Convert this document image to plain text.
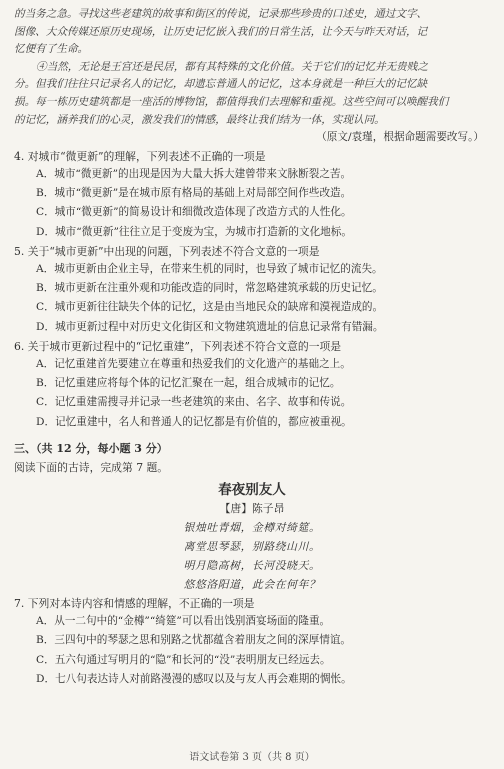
的当务之急。寻找这些老建筑的故事和街区的传说，记录那些珍贵的口述史，通过文字、
图像、大众传媒还原历史现场，让历史记忆嵌入我们的日常生活，让今天与昨天对话，记
忆便有了生命。
④当然，无论是王宫还是民居，都有其特殊的文化价值。关于它们的记忆并无贵贱之
分。但我们往往只记录名人的记忆，却遗忘普通人的记忆，这本身就是一种巨大的记忆缺
损。每一栋历史建筑都是一座活的博物馆，都值得我们去理解和重视。这些空间可以唤醒我们
的记忆，涵养我们的心灵，激发我们的情感，最终让我们结为一体，实现认同。
（原文/袁瑾，根据命题需要改写。）
4. 对城市“微更新”的理解，下列表述不正确的一项是
A．城市“微更新”的出现是因为大量大拆大建曾带来文脉断裂之苦。
B．城市“微更新”是在城市原有格局的基础上对局部空间作些改造。
C．城市“微更新”的简易设计和细微改造体现了改造方式的人性化。
D．城市“微更新”往往立足于变废为宝，为城市打造新的文化地标。
5. 关于“城市更新”中出现的问题，下列表述不符合文意的一项是
A．城市更新由企业主导，在带来生机的同时，也导致了城市记忆的流失。
B．城市更新在注重外观和功能改造的同时，常忽略建筑承载的历史记忆。
C．城市更新往往缺失个体的记忆，这是由当地民众的缺席和漠视造成的。
D．城市更新过程中对历史文化街区和文物建筑遗址的信息记录常有错漏。
6. 关于城市更新过程中的“记忆重建”，下列表述不符合文意的一项是
A．记忆重建首先要建立在尊重和热爱我们的文化遗产的基础之上。
B．记忆重建应将每个体的记忆汇聚在一起，组合成城市的记忆。
C．记忆重建需搜寻并记录一些老建筑的来由、名字、故事和传说。
D．记忆重建中，名人和普通人的记忆都是有价值的，都应被重视。
三、（共 12 分，每小题 3 分）
阅读下面的古诗，完成第 7 题。
春夜别友人
【唐】陈子昂
银烛吐青烟，金樽对绮筵。
离堂思琴瑟，别路绕山川。
明月隐高树，长河没晓天。
悠悠洛阳道，此会在何年？
7. 下列对本诗内容和情感的理解，不正确的一项是
A．从一二句中的“金樽”“绮筵”可以看出饯别酒宴场面的隆重。
B．三四句中的琴瑟之思和别路之忧都蕴含着朋友之间的深厚情谊。
C．五六句通过写明月的“隐”和长河的“没”表明朋友已经远去。
D．七八句表达诗人对前路漫漫的感叹以及与友人再会难期的惆怅。
语文试卷第 3 页（共 8 页）
